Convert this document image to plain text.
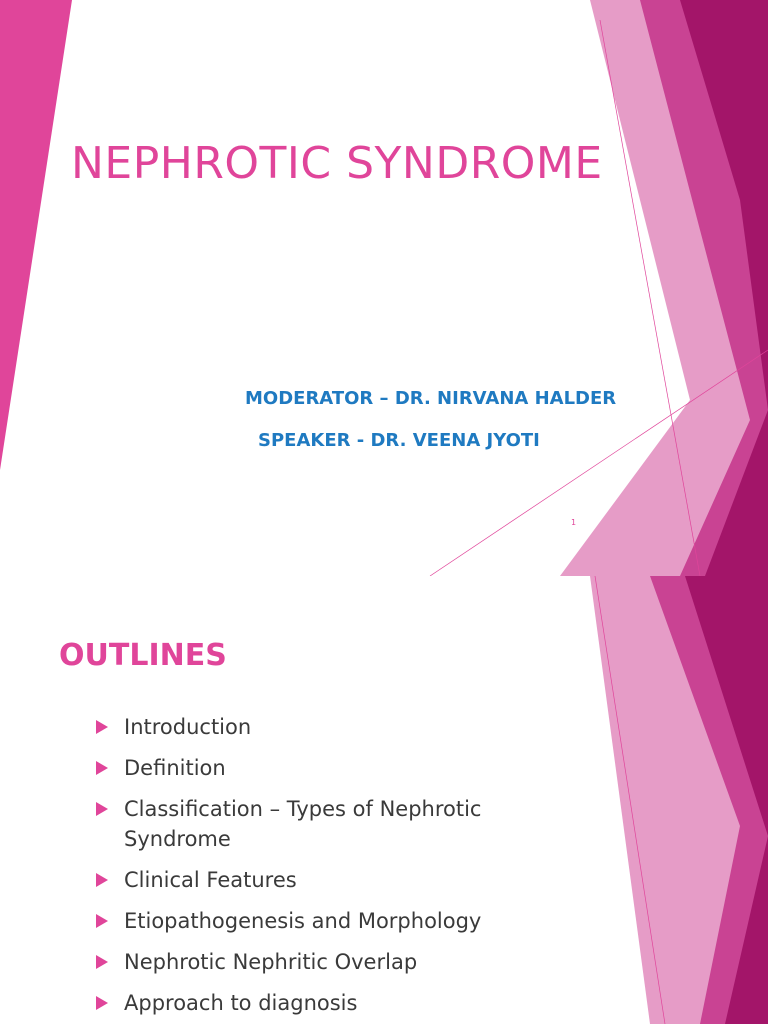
NEPHROTIC SYNDROME

MODERATOR – DR. NIRVANA HALDER

SPEAKER - DR. VEENA JYOTI

1
OUTLINES
Introduction
Definition
Classification – Types of Nephrotic Syndrome
Clinical Features
Etiopathogenesis and Morphology
Nephrotic Nephritic Overlap
Approach to diagnosis
